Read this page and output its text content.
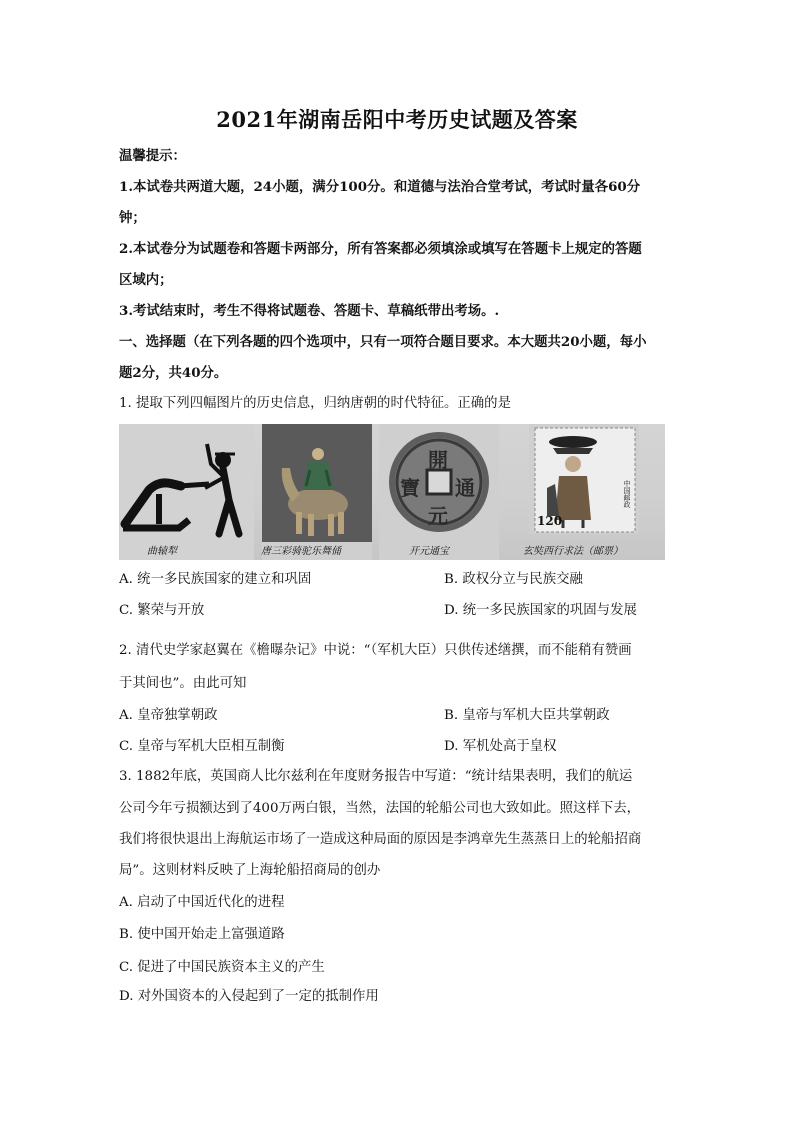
2021年湖南岳阳中考历史试题及答案
温馨提示：
1.本试卷共两道大题，24小题，满分100分。和道德与法治合堂考试，考试时量各60分
钟；
2.本试卷分为试题卷和答题卡两部分，所有答案都必须填涂或填写在答题卡上规定的答题
区域内；
3.考试结束时，考生不得将试题卷、答题卡、草稿纸带出考场。.
一、选择题（在下列各题的四个选项中，只有一项符合题目要求。本大题共20小题，每小
题2分，共40分。
1. 提取下列四幅图片的历史信息，归纳唐朝的时代特征。正确的是
曲辕犁	唐三彩骑驼乐舞俑
開
元
通
寶
开元通宝
120
中国邮政
玄奘西行求法（邮票）
A. 统一多民族国家的建立和巩固	B. 政权分立与民族交融
C. 繁荣与开放	D. 统一多民族国家的巩固与发展
2. 清代史学家赵翼在《檐曝杂记》中说：“（军机大臣）只供传述缮撰，而不能稍有赞画
于其间也”。由此可知
A. 皇帝独掌朝政	B. 皇帝与军机大臣共掌朝政
C. 皇帝与军机大臣相互制衡	D. 军机处高于皇权
3. 1882年底，英国商人比尔兹利在年度财务报告中写道：“统计结果表明，我们的航运
公司今年亏损额达到了400万两白银，当然，法国的轮船公司也大致如此。照这样下去，
我们将很快退出上海航运市场了一造成这种局面的原因是李鸿章先生蒸蒸日上的轮船招商
局”。这则材料反映了上海轮船招商局的创办
A. 启动了中国近代化的进程
B. 使中国开始走上富强道路
C. 促进了中国民族资本主义的产生
D. 对外国资本的入侵起到了一定的抵制作用
